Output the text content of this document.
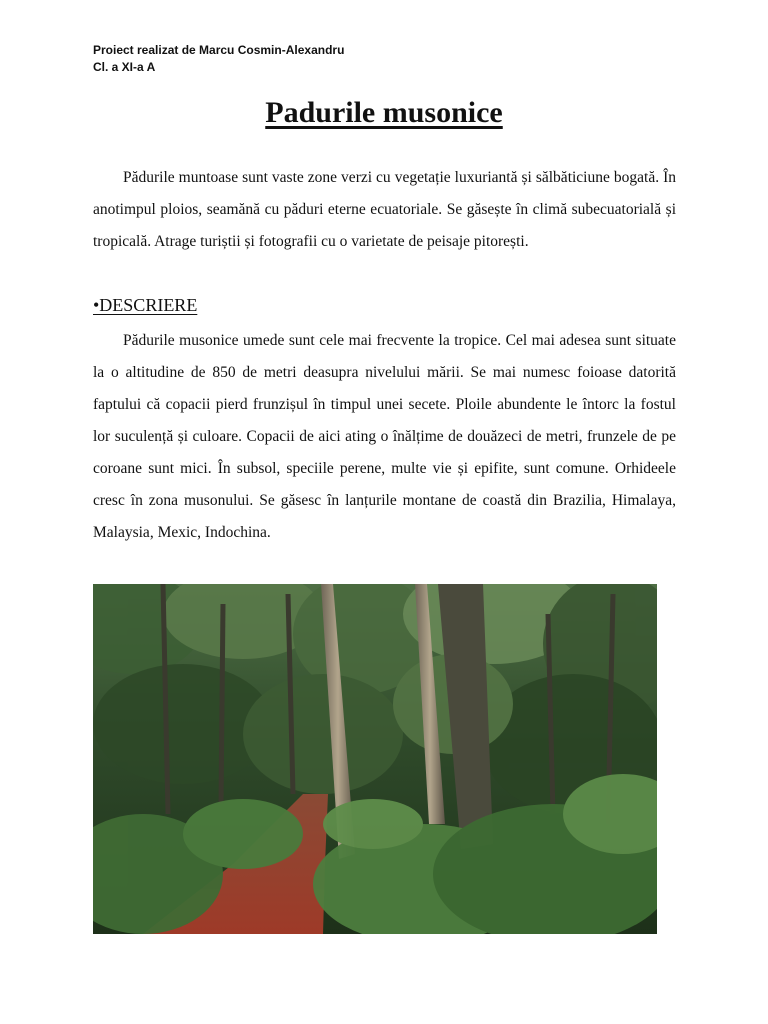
Proiect realizat de Marcu Cosmin-Alexandru
Cl. a XI-a A
Padurile musonice

Pădurile muntoase sunt vaste zone verzi cu vegetație luxuriantă și sălbăticiune bogată. În anotimpul ploios, seamănă cu păduri eterne ecuatoriale. Se găsește în climă subecuatorială și tropicală. Atrage turiștii și fotografii cu o varietate de peisaje pitorești.

•DESCRIERE

Pădurile musonice umede sunt cele mai frecvente la tropice. Cel mai adesea sunt situate la o altitudine de 850 de metri deasupra nivelului mării. Se mai numesc foioase datorită faptului că copacii pierd frunzișul în timpul unei secete. Ploile abundente le întorc la fostul lor suculență și culoare. Copacii de aici ating o înălțime de douăzeci de metri, frunzele de pe coroane sunt mici. În subsol, speciile perene, multe vie și epifite, sunt comune. Orhideele cresc în zona musonului. Se găsesc în lanțurile montane de coastă din Brazilia, Himalaya, Malaysia, Mexic, Indochina.
